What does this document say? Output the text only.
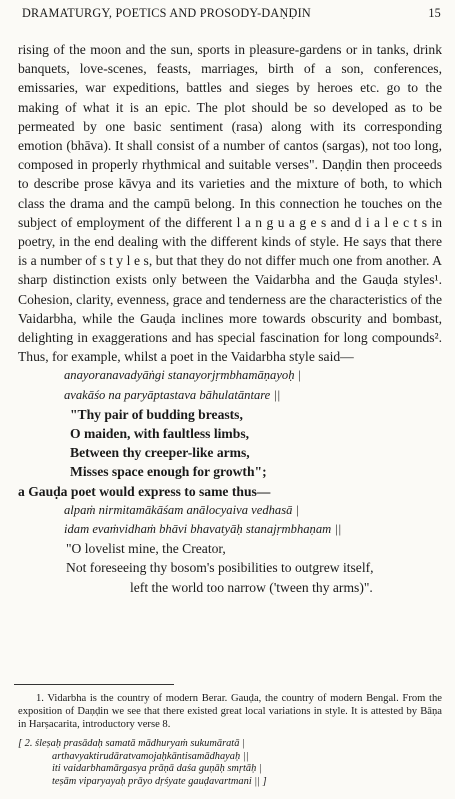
DRAMATURGY, POETICS AND PROSODY-DAṆḌIN	15

rising of the moon and the sun, sports in pleasure-gardens or in tanks, drink banquets, love-scenes, feasts, marriages, birth of a son, conferences, emissaries, war expeditions, battles and sieges by heroes etc. go to the making of what it is an epic. The plot should be so developed as to be permeated by one basic sentiment (rasa) along with its corresponding emotion (bhāva). It shall consist of a number of cantos (sargas), not too long, composed in properly rhythmical and suitable verses". Daṇḍin then proceeds to describe prose kāvya and its varieties and the mixture of both, to which class the drama and the campū belong. In this connection he touches on the subject of employment of the different l a n g u a g e s and d i a l e c t s in poetry, in the end dealing with the different kinds of style. He says that there is a number of s t y l e s, but that they do not differ much one from another. A sharp distinction exists only between the Vaidarbha and the Gauḍa styles¹. Cohesion, clarity, evenness, grace and tenderness are the characteristics of the Vaidarbha, while the Gauḍa inclines more towards obscurity and bombast, delighting in exaggerations and has special fascination for long compounds². Thus, for example, whilst a poet in the Vaidarbha style said—

anayoranavadyāṅgi stanayorjṛmbhamāṇayoḥ |
avakāśo na paryāptastava bāhulatāntare ||
"Thy pair of budding breasts,
O maiden, with faultless limbs,
Between thy creeper-like arms,
Misses space enough for growth";

a Gauḍa poet would express to same thus—

alpaṁ nirmitamākāśam anālocyaiva vedhasā |
idam evaṁvidhaṁ bhāvi bhavatyāḥ stanajṛmbhaṇam ||
"O lovelist mine, the Creator,
Not foreseeing thy bosom's posibilities to outgrew itself,
left the world too narrow ('tween thy arms)".

1. Vidarbha is the country of modern Berar. Gauḍa, the country of modern Bengal. From the exposition of Daṇḍin we see that there existed great local variations in style. It is attested by Bāṇa in Harṣacarita, introductory verse 8.

[ 2. śleṣaḥ prasādaḥ samatā mādhuryaṁ sukumāratā |
arthavyaktirudāratvamojaḥkāntisamādhayaḥ ||
iti vaidarbhamārgasya prāṇā daśa guṇāḥ smṛtāḥ |
teṣām viparyayaḥ prāyo dṛśyate gauḍavartmani || ]
